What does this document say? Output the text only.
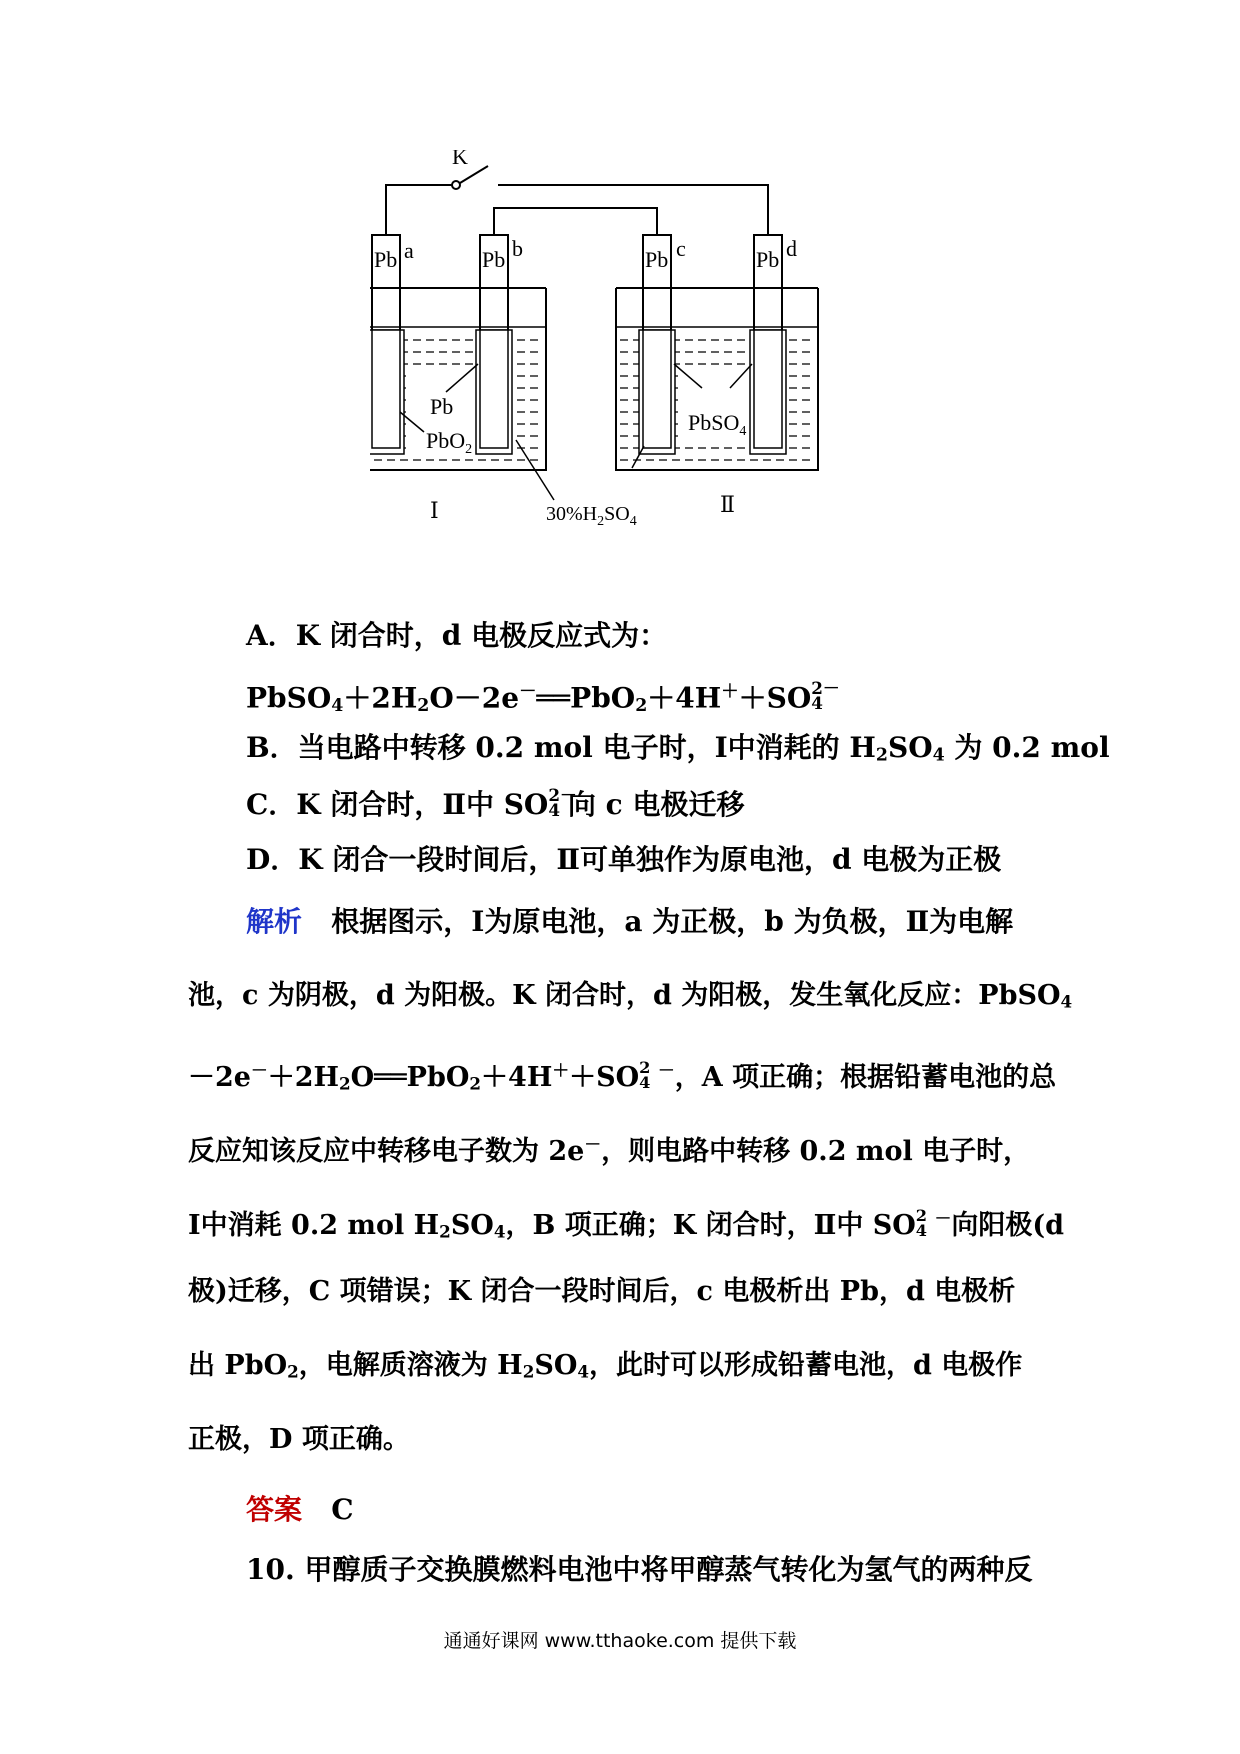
K
Pb a	Pb b	Pb c	Pb d
Pb
PbO$_2$
PbSO$_4$
$30\%H_2SO_4$
Ⅰ	Ⅱ
A．K 闭合时，d 电极反应式为：
$PbSO_4+2H_2O-2e^-══PbO_2+4H^++SO$ 2－
4
B．当电路中转移 0.2 mol 电子时，Ⅰ中消耗的 $H_2SO_4$ 为 0.2 mol
C．K 闭合时，Ⅱ中 SO 2－
4 向 c 电极迁移
D．K 闭合一段时间后，Ⅱ可单独作为原电池，d 电极为正极
解析 根据图示，Ⅰ为原电池，a 为正极，b 为负极，Ⅱ为电解
池，c 为阴极，d 为阳极。K 闭合时，d 为阳极，发生氧化反应：PbSO$_4$
$-2e^-+2H_2O══PbO_2+4H^++SO$ 2
4
－，A 项正确；根据铅蓄电池的总
反应知该反应中转移电子数为 2e－，则电路中转移 0.2 mol 电子时，
Ⅰ中消耗 0.2 mol $H_2SO_4$，B 项正确；K 闭合时，Ⅱ中 SO 2
4
－向阳极(d
极)迁移，C 项错误；K 闭合一段时间后，c 电极析出 Pb，d 电极析
出 PbO$_2$，电解质溶液为 $H_2SO_4$，此时可以形成铅蓄电池，d 电极作
正极，D 项正确。
答案 C
10. 甲醇质子交换膜燃料电池中将甲醇蒸气转化为氢气的两种反
通通好课网 www.tthaoke.com 提供下载
